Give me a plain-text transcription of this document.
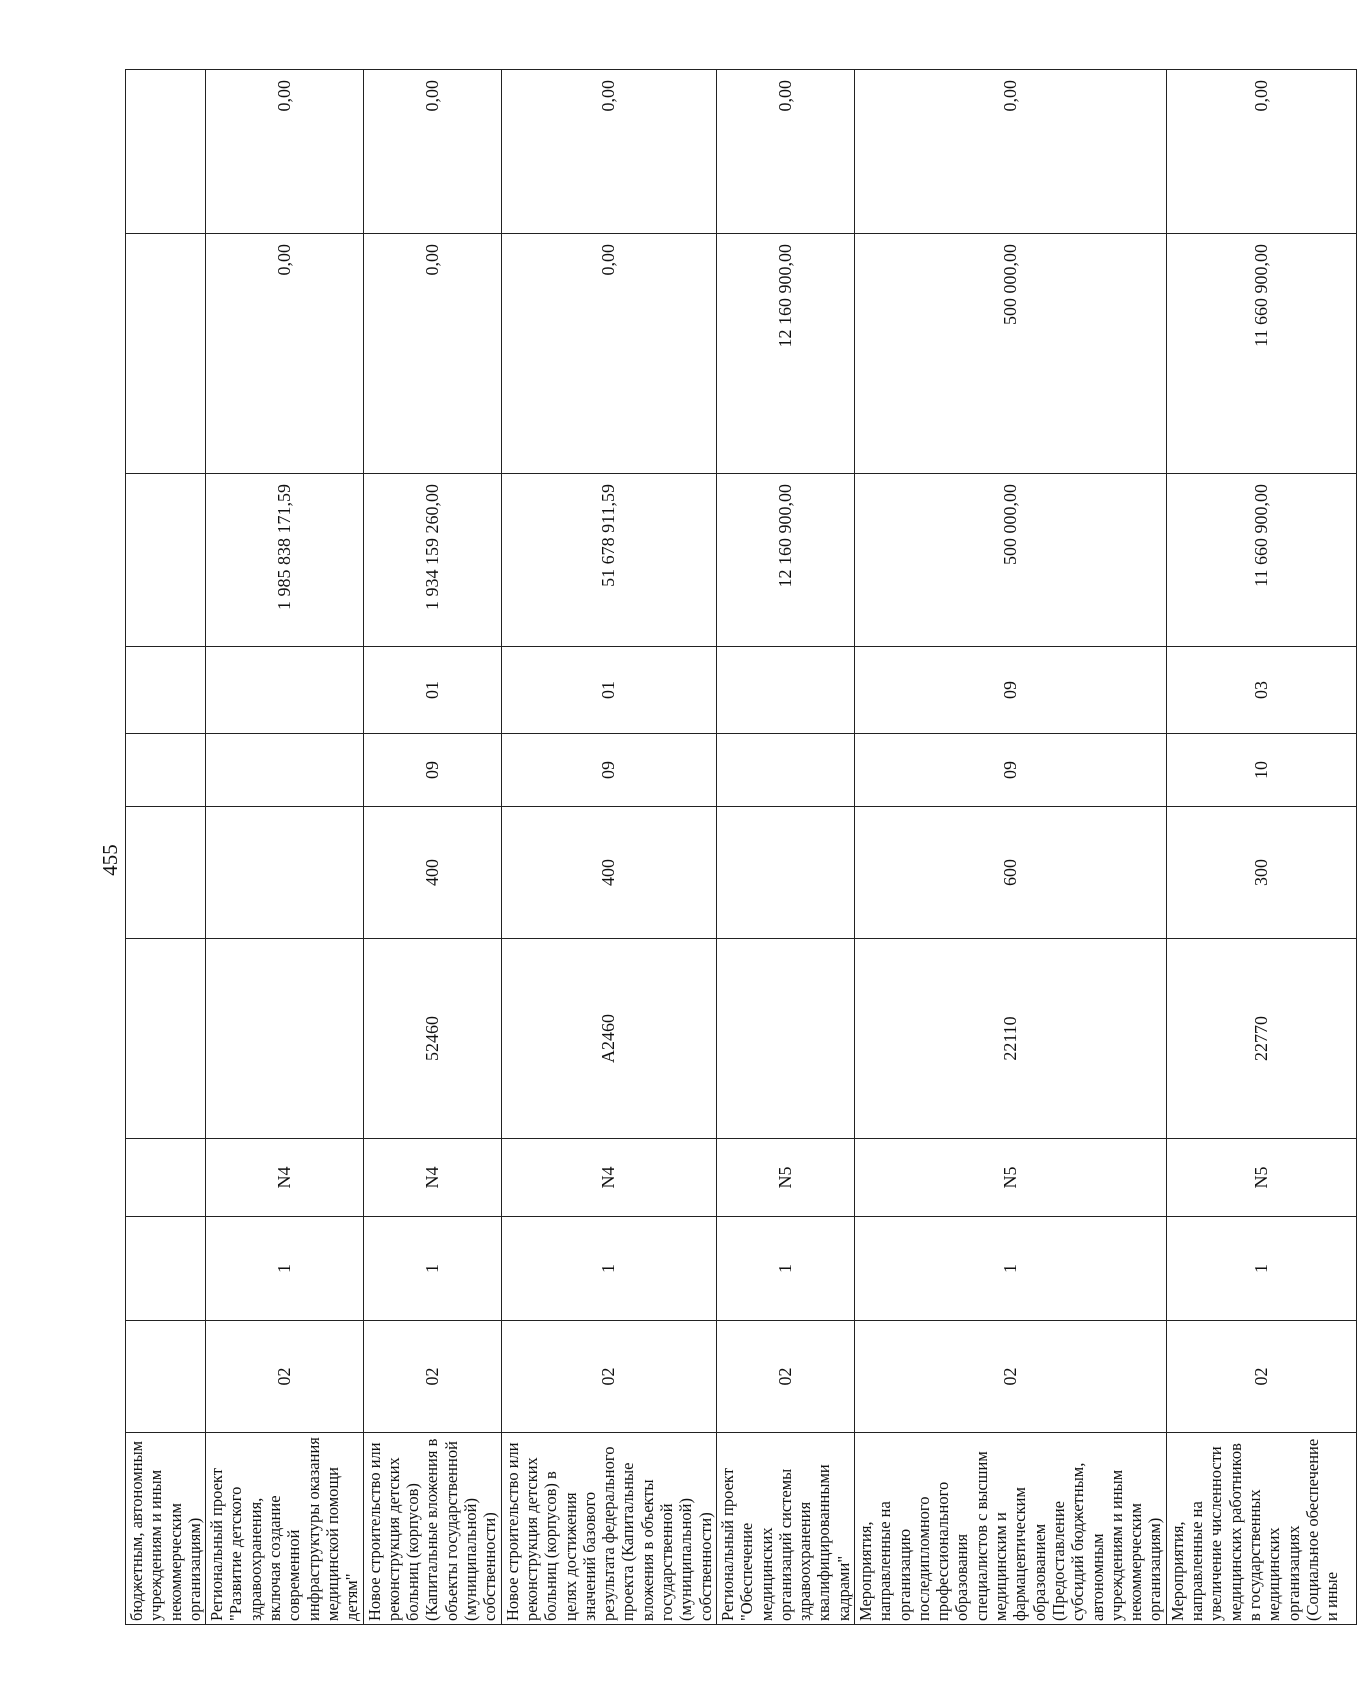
455
бюджетным, автономным учреждениям и иным некоммерческим организациям)										
Региональный проект "Развитие детского здравоохранения, включая создание современной инфраструктуры оказания медицинской помощи детям"	02	1	N4					1 985 838 171,59	0,00	0,00
Новое строительство или реконструкция детских больниц (корпусов) (Капитальные вложения в объекты государственной (муниципальной) собственности)	02	1	N4	52460	400	09	01	1 934 159 260,00	0,00	0,00
Новое строительство или реконструкция детских больниц (корпусов) в целях достижения значений базового результата федерального проекта (Капитальные вложения в объекты государственной (муниципальной) собственности)	02	1	N4	A2460	400	09	01	51 678 911,59	0,00	0,00
Региональный проект "Обеспечение медицинских организаций системы здравоохранения квалифицированными кадрами"	02	1	N5					12 160 900,00	12 160 900,00	0,00
Мероприятия, направленные на организацию последипломного профессионального образования специалистов с высшим медицинским и фармацевтическим образованием (Предоставление субсидий бюджетным, автономным учреждениям и иным некоммерческим организациям)	02	1	N5	22110	600	09	09	500 000,00	500 000,00	0,00
Мероприятия, направленные на увеличение численности медицинских работников в государственных медицинских организациях (Социальное обеспечение и иные	02	1	N5	22770	300	10	03	11 660 900,00	11 660 900,00	0,00
